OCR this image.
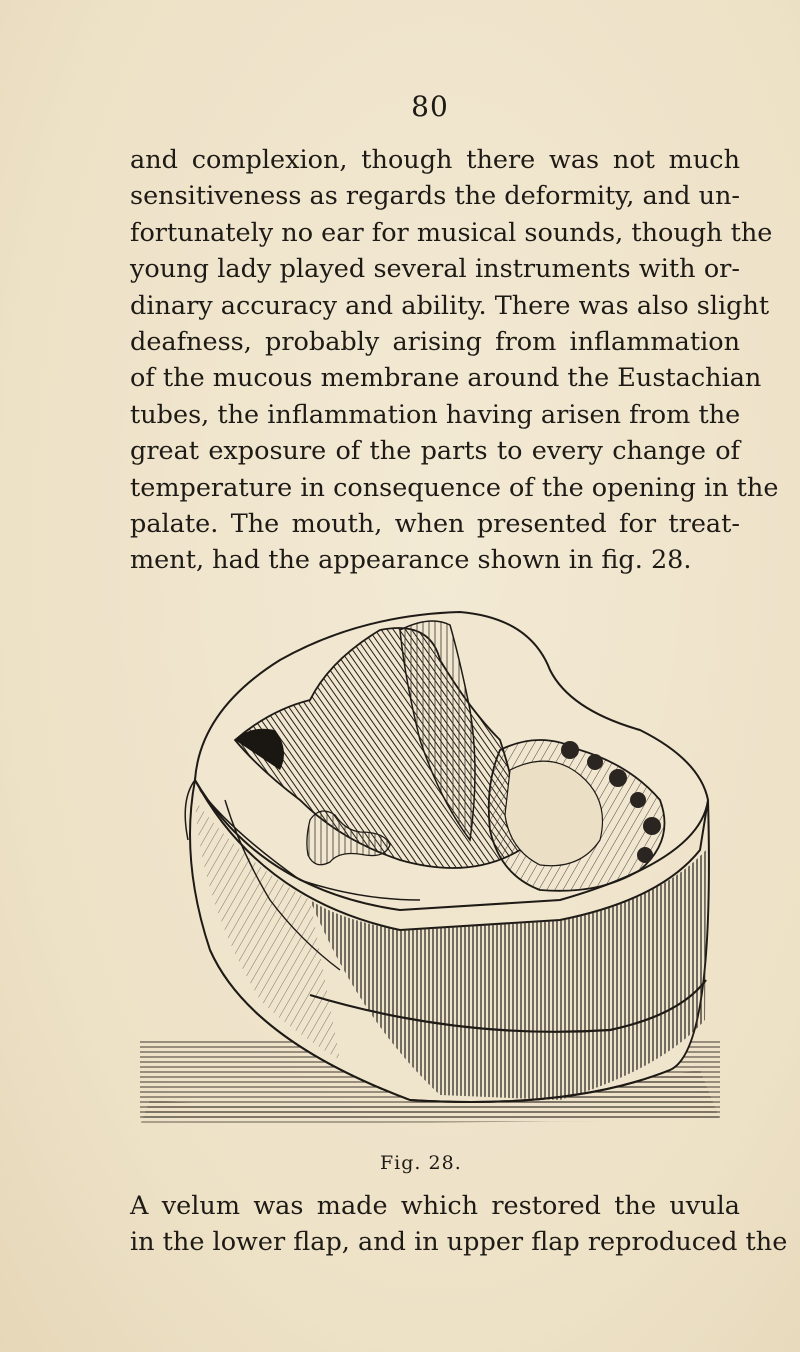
80
and complexion, though there was not much
sensitiveness as regards the deformity, and un-
fortunately no ear for musical sounds, though the
young lady played several instruments with or-
dinary accuracy and ability. There was also slight
deafness, probably arising from inflammation
of the mucous membrane around the Eustachian
tubes, the inflammation having arisen from the
great exposure of the parts to every change of
temperature in consequence of the opening in the
palate. The mouth, when presented for treat-
ment, had the appearance shown in fig. 28.
Fig. 28.
A velum was made which restored the uvula
in the lower flap, and in upper flap reproduced the
